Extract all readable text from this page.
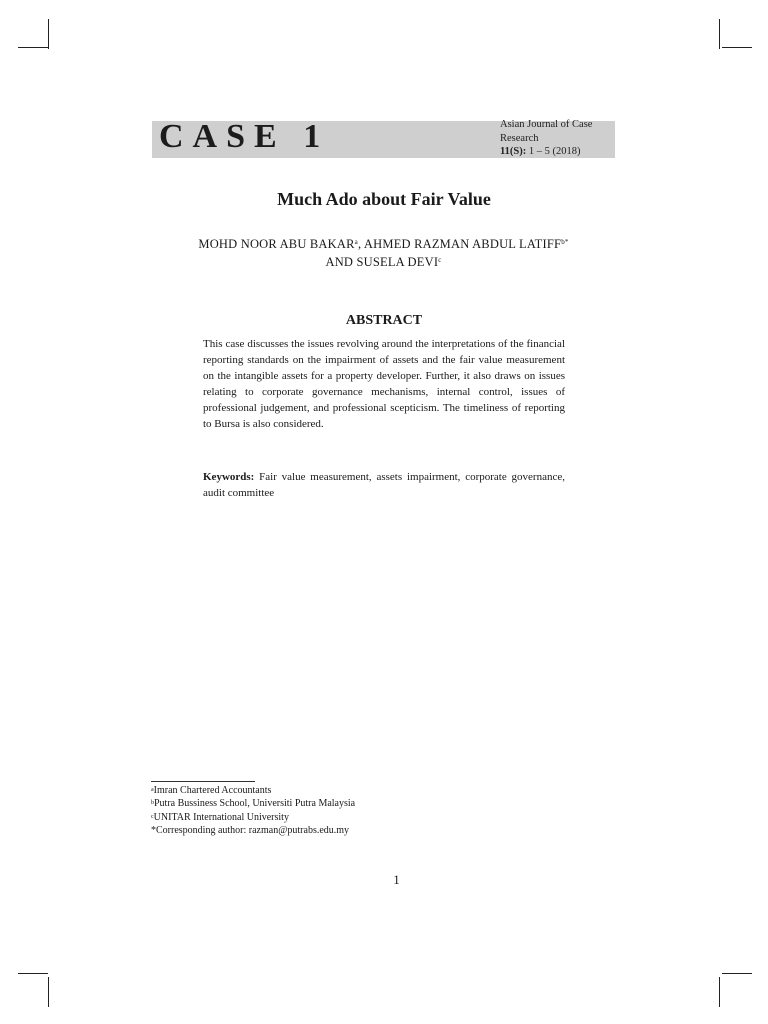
CASE 1	Asian Journal of Case Research
11(S): 1 – 5 (2018)
Much Ado about Fair Value
MOHD NOOR ABU BAKAR$^a$, AHMED RAZMAN ABDUL $LATIFF^{b*}$
AND SUSELA DEVI$^c$
ABSTRACT
This case discusses the issues revolving around the interpretations of the financial reporting standards on the impairment of assets and the fair value measurement on the intangible assets for a property developer. Further, it also draws on issues relating to corporate governance mechanisms, internal control, issues of professional judgement, and professional scepticism. The timeliness of reporting to Bursa is also considered.
Keywords: Fair value measurement, assets impairment, corporate governance, audit committee
$^a$Imran Chartered Accountants
$^b$Putra Bussiness School, Universiti Putra Malaysia
$^c$UNITAR International University
*Corresponding author: razman@putrabs.edu.my
1
